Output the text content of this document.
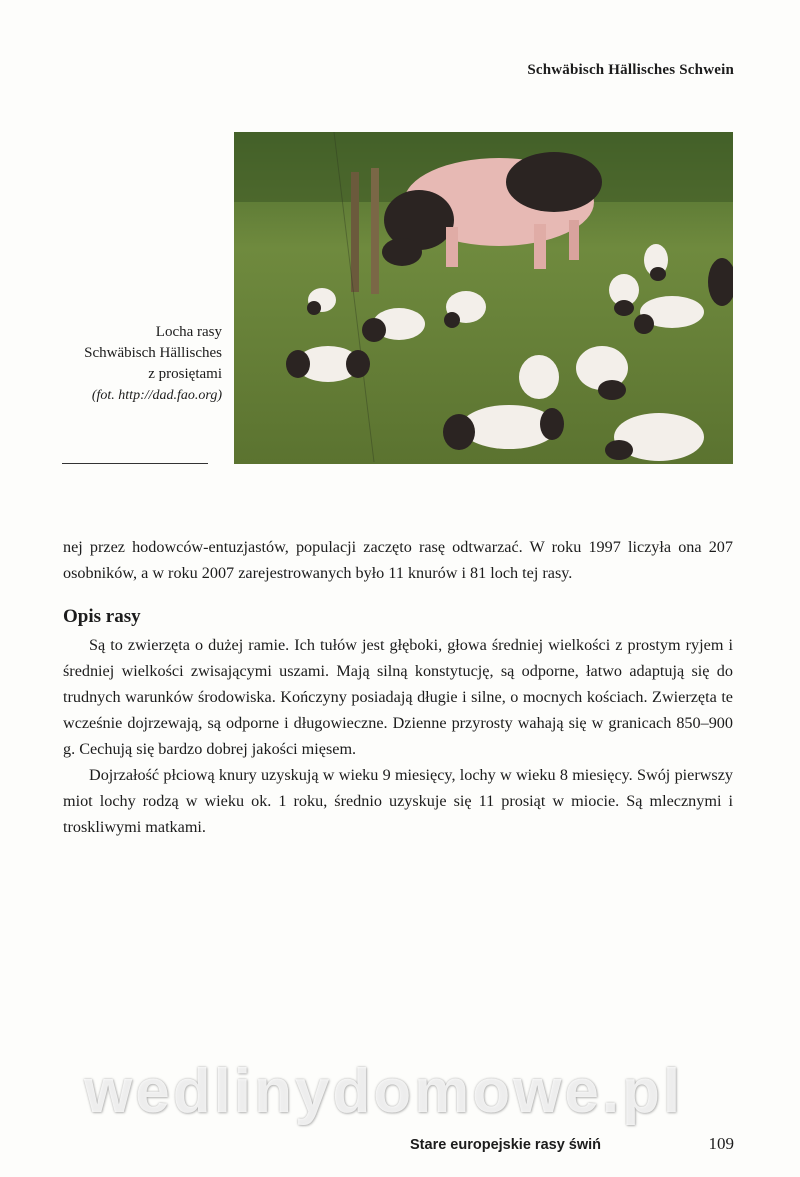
Schwäbisch Hällisches Schwein
Locha rasy
Schwäbisch Hällisches
z prosiętami
(fot. http://dad.fao.org)

nej przez hodowców-entuzjastów, populacji zaczęto rasę odtwarzać. W roku 1997 liczyła ona 207 osobników, a w roku 2007 zarejestrowanych było 11 knurów i 81 loch tej rasy.

Opis rasy

Są to zwierzęta o dużej ramie. Ich tułów jest głęboki, głowa średniej wielkości z prostym ryjem i średniej wielkości zwisającymi uszami. Mają silną konstytucję, są odporne, łatwo adaptują się do trudnych warunków środowiska. Kończyny posiadają długie i silne, o mocnych kościach. Zwierzęta te wcześnie dojrzewają, są odporne i długowieczne. Dzienne przyrosty wahają się w granicach 850–900 g. Cechują się bardzo dobrej jakości mięsem.

Dojrzałość płciową knury uzyskują w wieku 9 miesięcy, lochy w wieku 8 miesięcy. Swój pierwszy miot lochy rodzą w wieku ok. 1 roku, średnio uzyskuje się 11 prosiąt w miocie. Są mlecznymi i troskliwymi matkami.

wedlinydomowe.pl
Stare europejskie rasy świń	109
